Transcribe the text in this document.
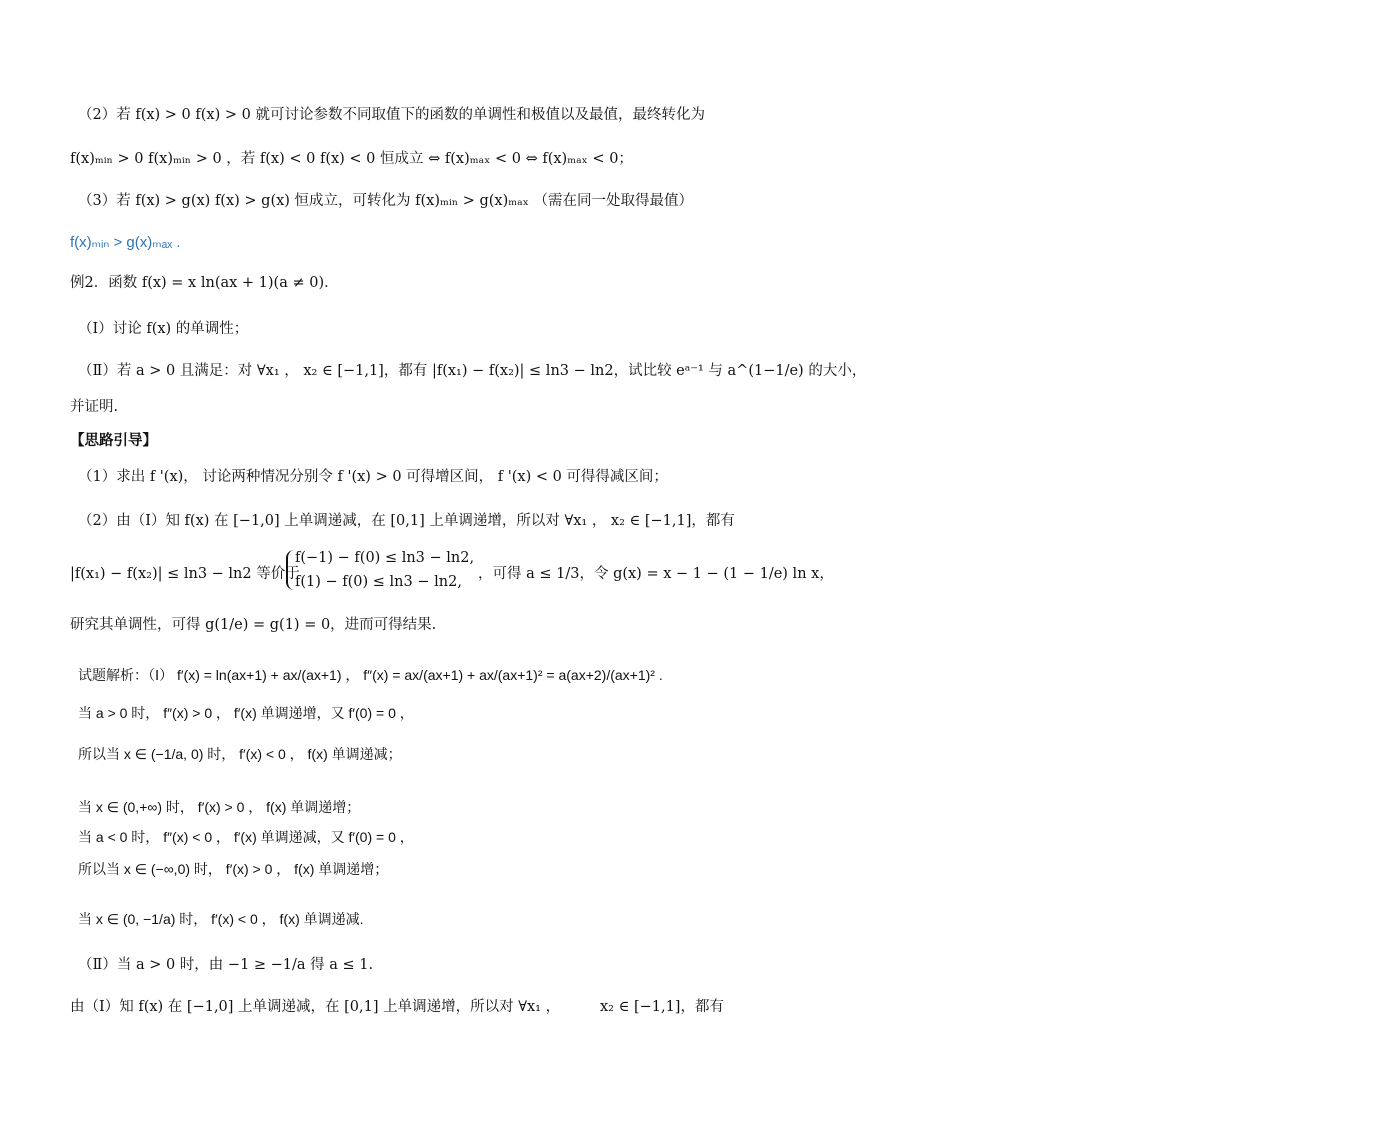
（2）若 f(x) > 0 f(x) > 0 就可讨论参数不同取值下的函数的单调性和极值以及最值，最终转化为
f(x)ₘᵢₙ > 0 f(x)ₘᵢₙ > 0 ，若 f(x) < 0 f(x) < 0 恒成立 ⇔ f(x)ₘₐₓ < 0 ⇔ f(x)ₘₐₓ < 0；
（3）若 f(x) > g(x) f(x) > g(x) 恒成立，可转化为 f(x)ₘᵢₙ > g(x)ₘₐₓ （需在同一处取得最值）
f(x)ₘᵢₙ > g(x)ₘₐₓ .
例2．函数 f(x) = x ln(ax + 1)(a ≠ 0)．
（Ⅰ）讨论 f(x) 的单调性；
（Ⅱ）若 a > 0 且满足：对 ∀x₁ ， x₂ ∈ [−1,1]，都有 |f(x₁) − f(x₂)| ≤ ln3 − ln2，试比较 eᵃ⁻¹ 与 a^(1−1/e) 的大小，
并证明.
【思路引导】
（1）求出 f '(x)， 讨论两种情况分别令 f '(x) > 0 可得增区间， f '(x) < 0 可得得减区间；
（2）由（Ⅰ）知 f(x) 在 [−1,0] 上单调递减，在 [0,1] 上单调递增，所以对 ∀x₁ ， x₂ ∈ [−1,1]，都有
|f(x₁) − f(x₂)| ≤ ln3 − ln2 等价于
f(−1) − f(0) ≤ ln3 − ln2,
f(1) − f(0) ≤ ln3 − ln2, ，可得 a ≤ 1/3，令 g(x) = x − 1 − (1 − 1/e) ln x，
研究其单调性，可得 g(1/e) = g(1) = 0，进而可得结果.
试题解析：（Ⅰ） f′(x) = ln(ax+1) + ax/(ax+1) ， f″(x) = ax/(ax+1) + ax/(ax+1)² = a(ax+2)/(ax+1)² .
当 a > 0 时， f″(x) > 0 ， f′(x) 单调递增，又 f′(0) = 0 ，
所以当 x ∈ (−1/a, 0) 时， f′(x) < 0 ， f(x) 单调递减；
当 x ∈ (0,+∞) 时， f′(x) > 0 ， f(x) 单调递增；
当 a < 0 时， f″(x) < 0 ， f′(x) 单调递减，又 f′(0) = 0 ，
所以当 x ∈ (−∞,0) 时， f′(x) > 0 ， f(x) 单调递增；
当 x ∈ (0, −1/a) 时， f′(x) < 0 ， f(x) 单调递减.
（Ⅱ）当 a > 0 时，由 −1 ≥ −1/a 得 a ≤ 1.
由（Ⅰ）知 f(x) 在 [−1,0] 上单调递减，在 [0,1] 上单调递增，所以对 ∀x₁ ，	x₂ ∈ [−1,1]，都有
